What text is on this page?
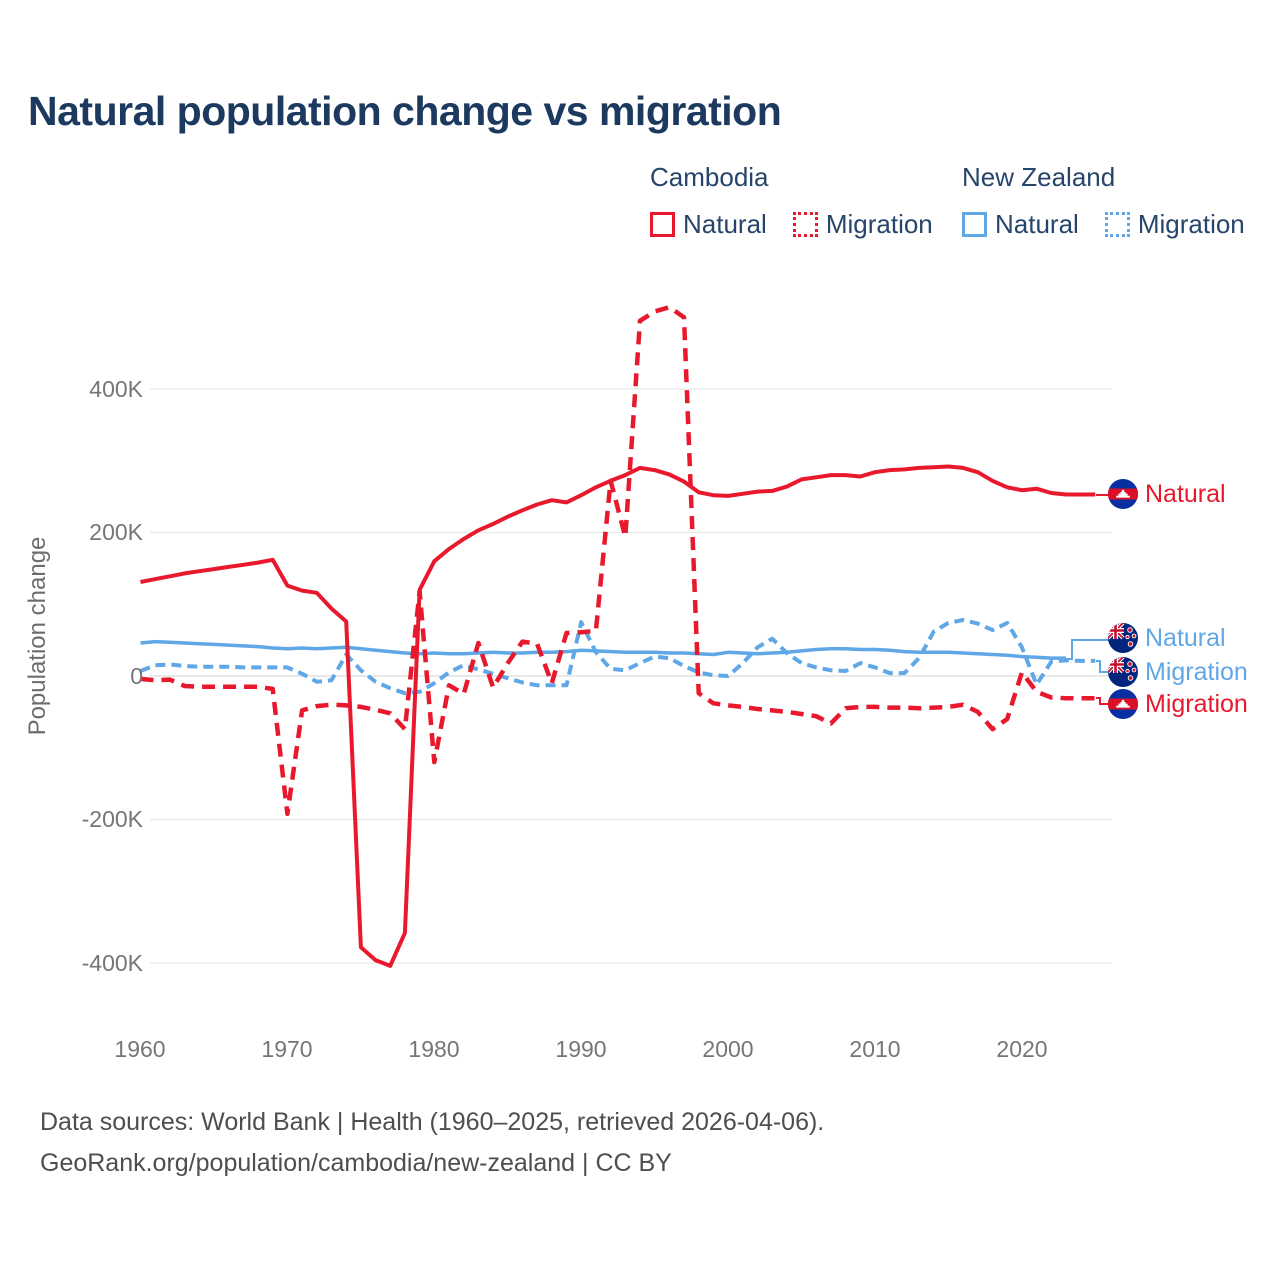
Natural population change vs migration
Cambodia
Natural Migration
New Zealand
Natural Migration
Population change
400K
200K
0
-200K
-400K
1960	1970	1980	1990	2000	2010	2020
Natural
Natural
Migration
Migration
Data sources: World Bank | Health (1960–2025, retrieved 2026-04-06).
GeoRank.org/population/cambodia/new-zealand | CC BY
